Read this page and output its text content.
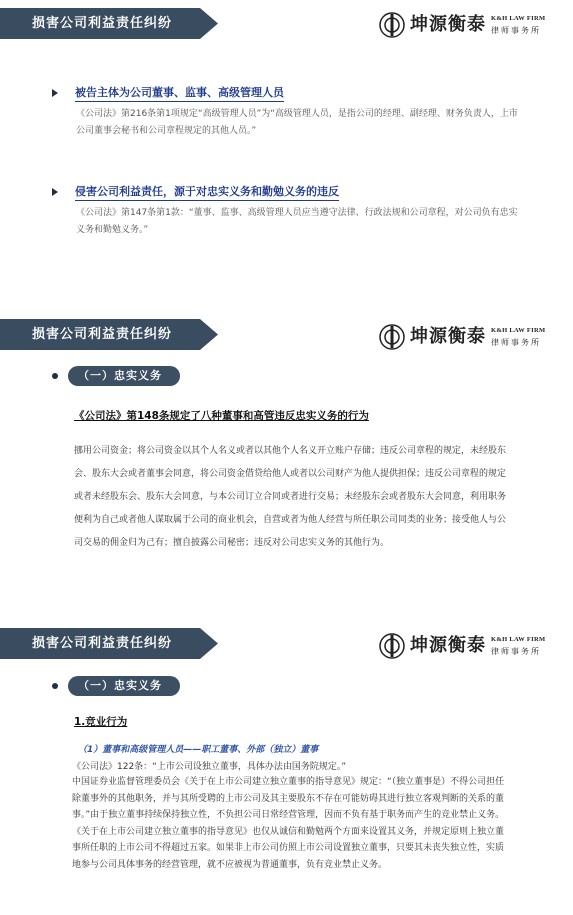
损害公司利益责任纠纷	坤源衡泰 K&H LAW FIRM
律师事务所
被告主体为公司董事、监事、高级管理人员
《公司法》第216条第1项规定“高级管理人员”为“高级管理人员，是指公司的经理、副经理、财务负责人，上市公司董事会秘书和公司章程规定的其他人员。”
侵害公司利益责任，源于对忠实义务和勤勉义务的违反
《公司法》第147条第1款：“董事、监事、高级管理人员应当遵守法律、行政法规和公司章程，对公司负有忠实义务和勤勉义务。”
损害公司利益责任纠纷	坤源衡泰 K&H LAW FIRM
律师事务所
（一）忠实义务
《公司法》第148条规定了八种董事和高管违反忠实义务的行为
挪用公司资金；将公司资金以其个人名义或者以其他个人名义开立账户存储；违反公司章程的规定，未经股东会、股东大会或者董事会同意，将公司资金借贷给他人或者以公司财产为他人提供担保；违反公司章程的规定或者未经股东会、股东大会同意，与本公司订立合同或者进行交易；未经股东会或者股东大会同意，利用职务便利为自己或者他人谋取属于公司的商业机会，自营或者为他人经营与所任职公司同类的业务；接受他人与公司交易的佣金归为己有；擅自披露公司秘密；违反对公司忠实义务的其他行为。
损害公司利益责任纠纷	坤源衡泰 K&H LAW FIRM
律师事务所
（一）忠实义务
1.竞业行为
（1）董事和高级管理人员——职工董事、外部（独立）董事
《公司法》122条：“上市公司设独立董事，具体办法由国务院规定。”
中国证券业监督管理委员会《关于在上市公司建立独立董事的指导意见》规定：“（独立董事是）不得公司担任除董事外的其他职务，并与其所受聘的上市公司及其主要股东不存在可能妨碍其进行独立客观判断的关系的董事。”由于独立董事持续保持独立性，不负担公司日常经营管理，因而不负有基于职务而产生的竞业禁止义务。《关于在上市公司建立独立董事的指导意见》也仅从诚信和勤勉两个方面来设置其义务，并规定原则上独立董事所任职的上市公司不得超过五家。如果非上市公司仿照上市公司设置独立董事，只要其未丧失独立性，实质地参与公司具体事务的经营管理，就不应被视为普通董事，负有竞业禁止义务。
